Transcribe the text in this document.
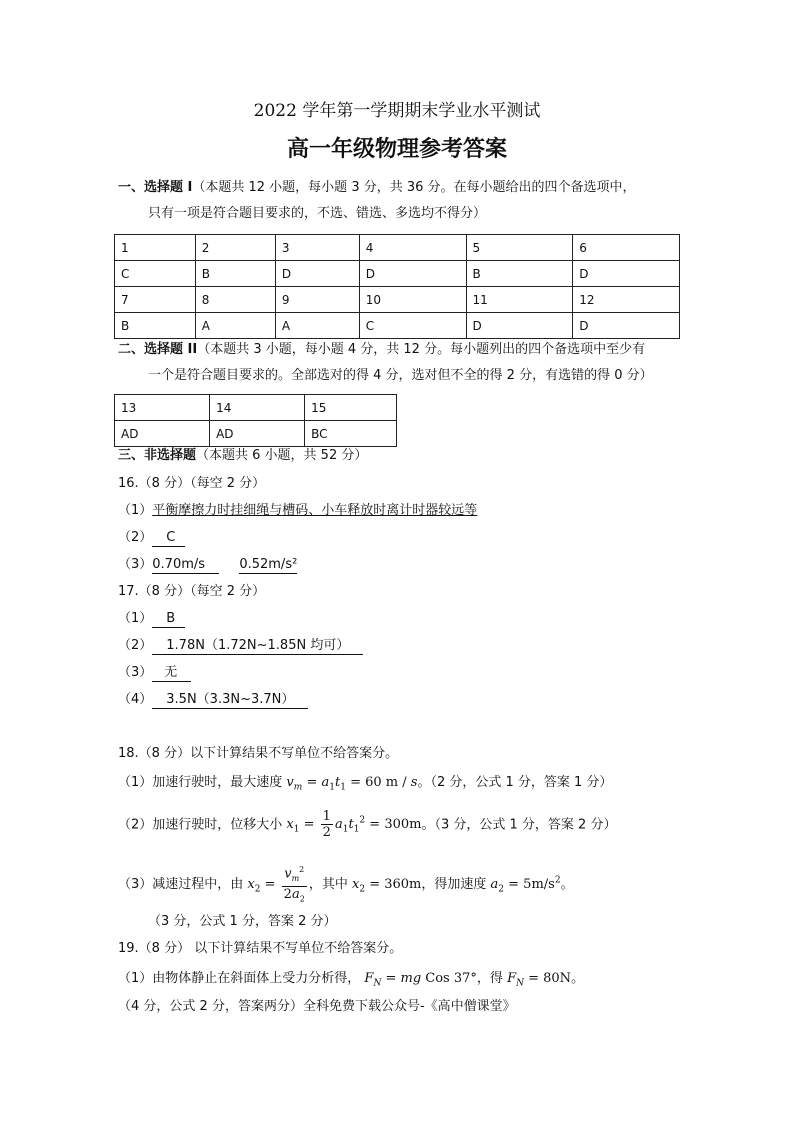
2022 学年第一学期期末学业水平测试
高一年级物理参考答案
一、选择题 I（本题共 12 小题，每小题 3 分，共 36 分。在每小题给出的四个备选项中，
只有一项是符合题目要求的，不选、错选、多选均不得分）
1	2	3	4	5	6
C	B	D	D	B	D
7	8	9	10	11	12
B	A	A	C	D	D
二、选择题 II（本题共 3 小题，每小题 4 分，共 12 分。每小题列出的四个备选项中至少有
一个是符合题目要求的。全部选对的得 4 分，选对但不全的得 2 分，有选错的得 0 分）
13	14	15
AD	AD	BC
三、非选择题（本题共 6 小题，共 52 分）
16.（8 分）（每空 2 分）
（1）平衡摩擦力时挂细绳与槽码、小车释放时离计时器较远等
（2） C
（3）0.70m/s	0.52m/s²
17.（8 分）（每空 2 分）
（1） B
（2） 1.78N（1.72N~1.85N 均可）
（3） 无
（4） 3.5N（3.3N~3.7N）
18.（8 分）以下计算结果不写单位不给答案分。
（1）加速行驶时，最大速度 $v_m = a_1t_1 = 60$ m / s。（2 分，公式 1 分，答案 1 分）
（2）加速行驶时，位移大小 $x_1 = \frac{1}{2} a_1t_1^2 = 300m$。（3 分，公式 1 分，答案 2 分）
（3）减速过程中，由 $x_2 = \frac{v_m^2}{2a_2}$ ，其中 $x_2 = 360m$，得加速度 $a_2 = 5m/s^2$。
（3 分，公式 1 分，答案 2 分）
19.（8 分） 以下计算结果不写单位不给答案分。
（1）由物体静止在斜面体上受力分析得， $F_N$ = mg Cos 37°，得 $F_N = 80N$。
（4 分，公式 2 分，答案两分）全科免费下载公众号-《高中僧课堂》
